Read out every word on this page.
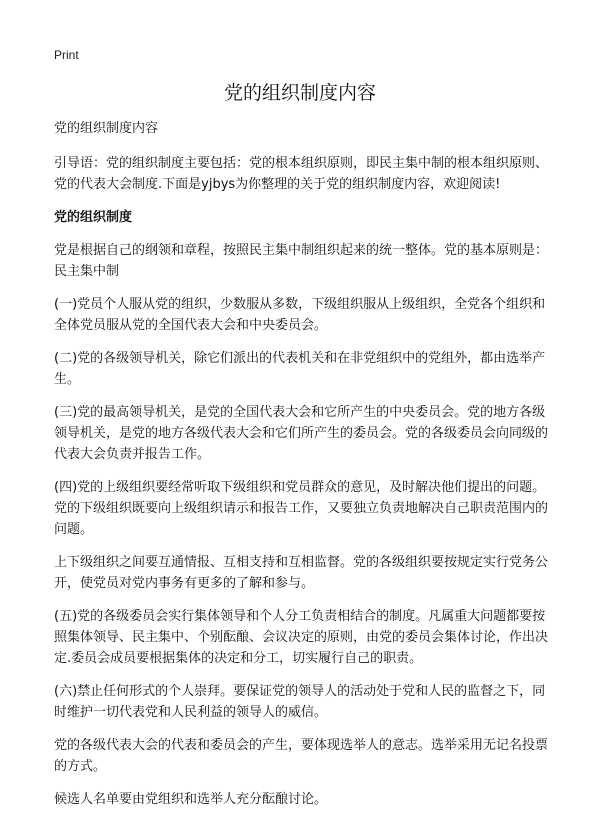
Print
党的组织制度内容

党的组织制度内容

引导语：党的组织制度主要包括：党的根本组织原则，即民主集中制的根本组织原则、党的代表大会制度.下面是yjbys为你整理的关于党的组织制度内容，欢迎阅读!

党的组织制度

党是根据自己的纲领和章程，按照民主集中制组织起来的统一整体。党的基本原则是：民主集中制

(一)党员个人服从党的组织，少数服从多数，下级组织服从上级组织，全党各个组织和全体党员服从党的全国代表大会和中央委员会。

(二)党的各级领导机关，除它们派出的代表机关和在非党组织中的党组外，都由选举产生。

(三)党的最高领导机关，是党的全国代表大会和它所产生的中央委员会。党的地方各级领导机关，是党的地方各级代表大会和它们所产生的委员会。党的各级委员会向同级的代表大会负责并报告工作。

(四)党的上级组织要经常听取下级组织和党员群众的意见，及时解决他们提出的问题。党的下级组织既要向上级组织请示和报告工作，又要独立负责地解决自己职责范围内的问题。

上下级组织之间要互通情报、互相支持和互相监督。党的各级组织要按规定实行党务公开，使党员对党内事务有更多的了解和参与。

(五)党的各级委员会实行集体领导和个人分工负责相结合的制度。凡属重大问题都要按照集体领导、民主集中、个别酝酿、会议决定的原则，由党的委员会集体讨论，作出决定.委员会成员要根据集体的决定和分工，切实履行自己的职责。

(六)禁止任何形式的个人崇拜。要保证党的领导人的活动处于党和人民的监督之下，同时维护一切代表党和人民利益的领导人的威信。

党的各级代表大会的代表和委员会的产生，要体现选举人的意志。选举采用无记名投票的方式。

候选人名单要由党组织和选举人充分酝酿讨论。
